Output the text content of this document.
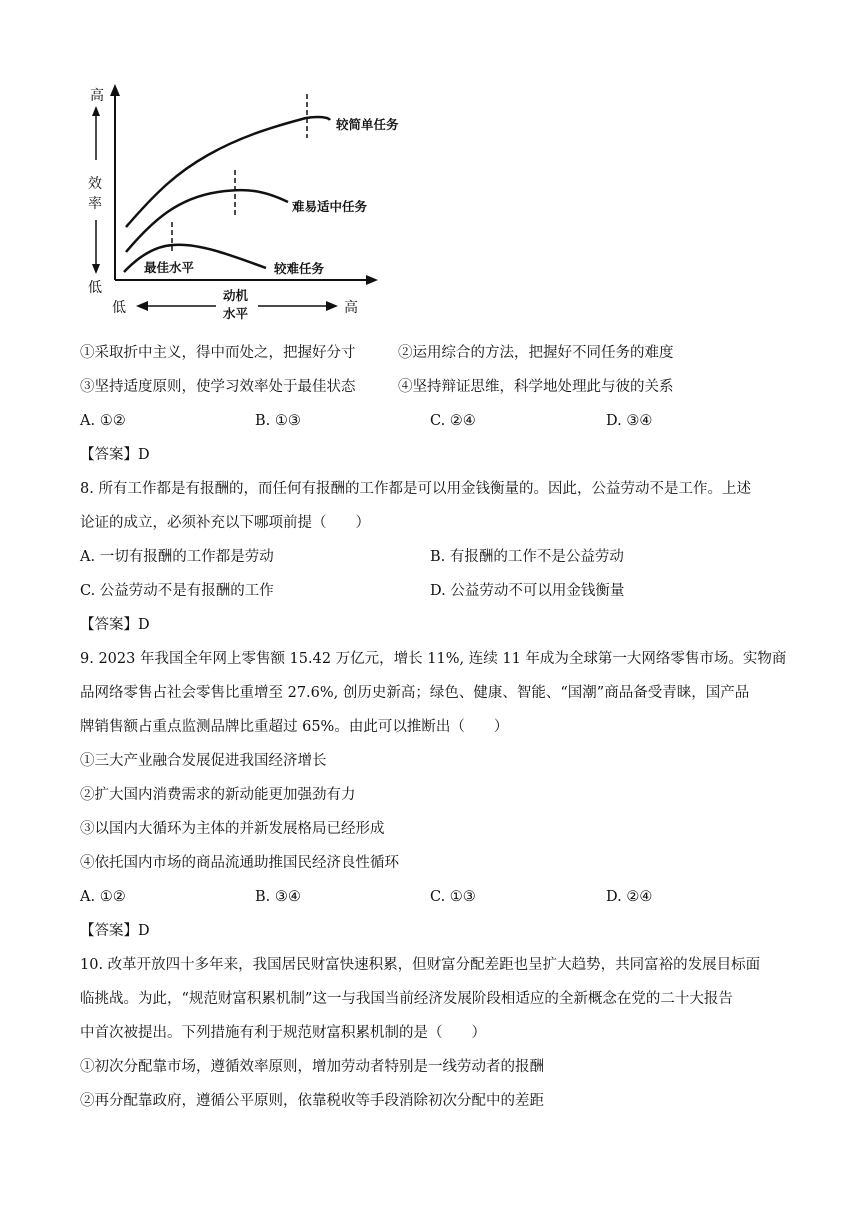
高
效
率
低
低
动机
水平	高
较简单任务
难易适中任务
较难任务
最佳水平
①采取折中主义，得中而处之，把握好分寸	②运用综合的方法，把握好不同任务的难度
③坚持适度原则，使学习效率处于最佳状态	④坚持辩证思维，科学地处理此与彼的关系
A. ①②	B. ①③	C. ②④	D. ③④
【答案】D
8. 所有工作都是有报酬的，而任何有报酬的工作都是可以用金钱衡量的。因此，公益劳动不是工作。上述
论证的成立，必须补充以下哪项前提（　　）
A. 一切有报酬的工作都是劳动	B. 有报酬的工作不是公益劳动
C. 公益劳动不是有报酬的工作	D. 公益劳动不可以用金钱衡量
【答案】D
9. 2023 年我国全年网上零售额 15.42 万亿元，增长 11%, 连续 11 年成为全球第一大网络零售市场。实物商
品网络零售占社会零售比重增至 27.6%, 创历史新高；绿色、健康、智能、“国潮”商品备受青睐，国产品
牌销售额占重点监测品牌比重超过 65%。由此可以推断出（　　）
①三大产业融合发展促进我国经济增长
②扩大国内消费需求的新动能更加强劲有力
③以国内大循环为主体的并新发展格局已经形成
④依托国内市场的商品流通助推国民经济良性循环
A. ①②	B. ③④	C. ①③	D. ②④
【答案】D
10. 改革开放四十多年来，我国居民财富快速积累，但财富分配差距也呈扩大趋势，共同富裕的发展目标面
临挑战。为此，“规范财富积累机制”这一与我国当前经济发展阶段相适应的全新概念在党的二十大报告
中首次被提出。下列措施有利于规范财富积累机制的是（　　）
①初次分配靠市场，遵循效率原则，增加劳动者特别是一线劳动者的报酬
②再分配靠政府，遵循公平原则，依靠税收等手段消除初次分配中的差距
